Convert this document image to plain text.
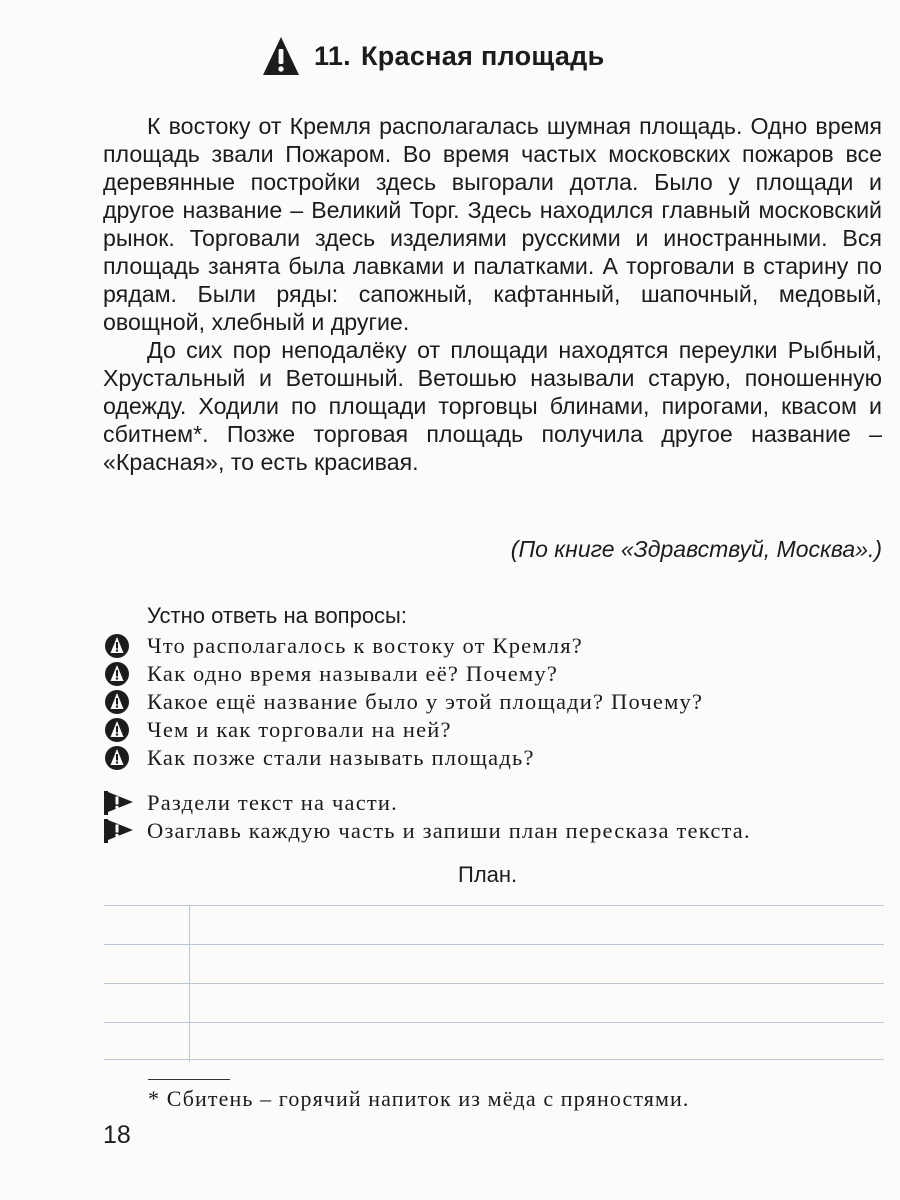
11. Красная площадь

К востоку от Кремля располагалась шумная площадь. Одно время площадь звали Пожаром. Во время частых московских пожаров все деревянные постройки здесь выгорали дотла. Было у площади и другое название – Великий Торг. Здесь находился главный московский рынок. Торговали здесь изделиями русскими и иностранными. Вся площадь занята была лавками и палатками. А торговали в старину по рядам. Были ряды: сапожный, кафтанный, шапочный, медовый, овощной, хлебный и другие.

До сих пор неподалёку от площади находятся переулки Рыбный, Хрустальный и Ветошный. Ветошью называли старую, поношенную одежду. Ходили по площади торговцы блинами, пирогами, квасом и сбитнем*. Позже торговая площадь получила другое название – «Красная», то есть красивая.

(По книге «Здравствуй, Москва».)
Устно ответь на вопросы:
Что располагалось к востоку от Кремля?
Как одно время называли её? Почему?
Какое ещё название было у этой площади? Почему?
Чем и как торговали на ней?
Как позже стали называть площадь?
Раздели текст на части.
Озаглавь каждую часть и запиши план пересказа текста.
План.
* Сбитень – горячий напиток из мёда с пряностями.
18
